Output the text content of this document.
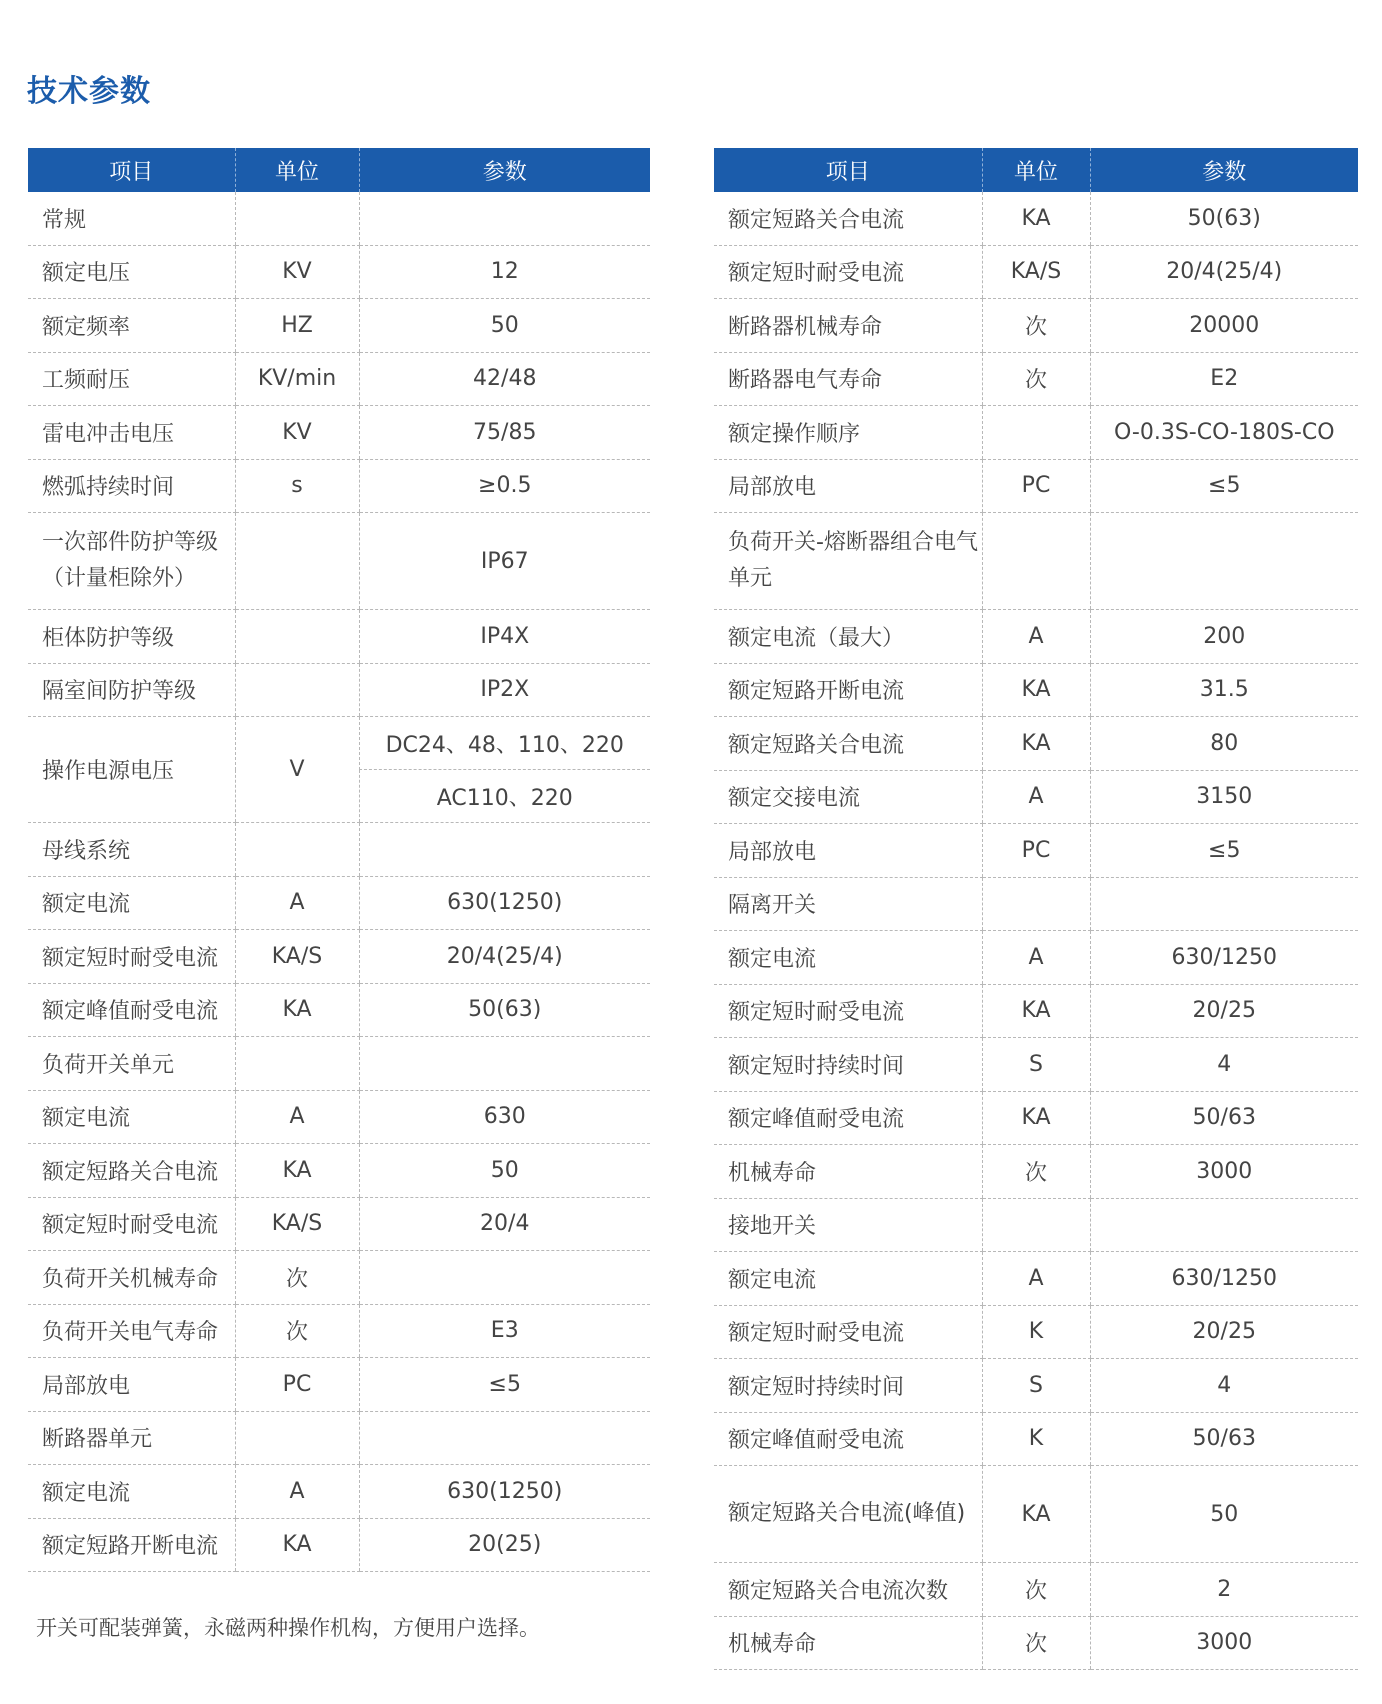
技术参数
项目	单位	参数
常规		
额定电压	KV	12
额定频率	HZ	50
工频耐压	KV/min	42/48
雷电冲击电压	KV	75/85
燃弧持续时间	s	≥0.5
一次部件防护等级（计量柜除外）		IP67
柜体防护等级		IP4X
隔室间防护等级		IP2X
操作电源电压	V	DC24、48、110、220
		AC110、220
母线系统		
额定电流	A	630(1250)
额定短时耐受电流	KA/S	20/4(25/4)
额定峰值耐受电流	KA	50(63)
负荷开关单元		
额定电流	A	630
额定短路关合电流	KA	50
额定短时耐受电流	KA/S	20/4
负荷开关机械寿命	次	
负荷开关电气寿命	次	E3
局部放电	PC	≤5
断路器单元		
额定电流	A	630(1250)
额定短路开断电流	KA	20(25)
项目	单位	参数
额定短路关合电流	KA	50(63)
额定短时耐受电流	KA/S	20/4(25/4)
断路器机械寿命	次	20000
断路器电气寿命	次	E2
额定操作顺序		O-0.3S-CO-180S-CO
局部放电	PC	≤5
负荷开关-熔断器组合电气单元		
额定电流（最大）	A	200
额定短路开断电流	KA	31.5
额定短路关合电流	KA	80
额定交接电流	A	3150
局部放电	PC	≤5
隔离开关		
额定电流	A	630/1250
额定短时耐受电流	KA	20/25
额定短时持续时间	S	4
额定峰值耐受电流	KA	50/63
机械寿命	次	3000
接地开关		
额定电流	A	630/1250
额定短时耐受电流	K	20/25
额定短时持续时间	S	4
额定峰值耐受电流	K	50/63
额定短路关合电流(峰值)	KA	50
额定短路关合电流次数	次	2
机械寿命	次	3000
开关可配装弹簧，永磁两种操作机构，方便用户选择。
